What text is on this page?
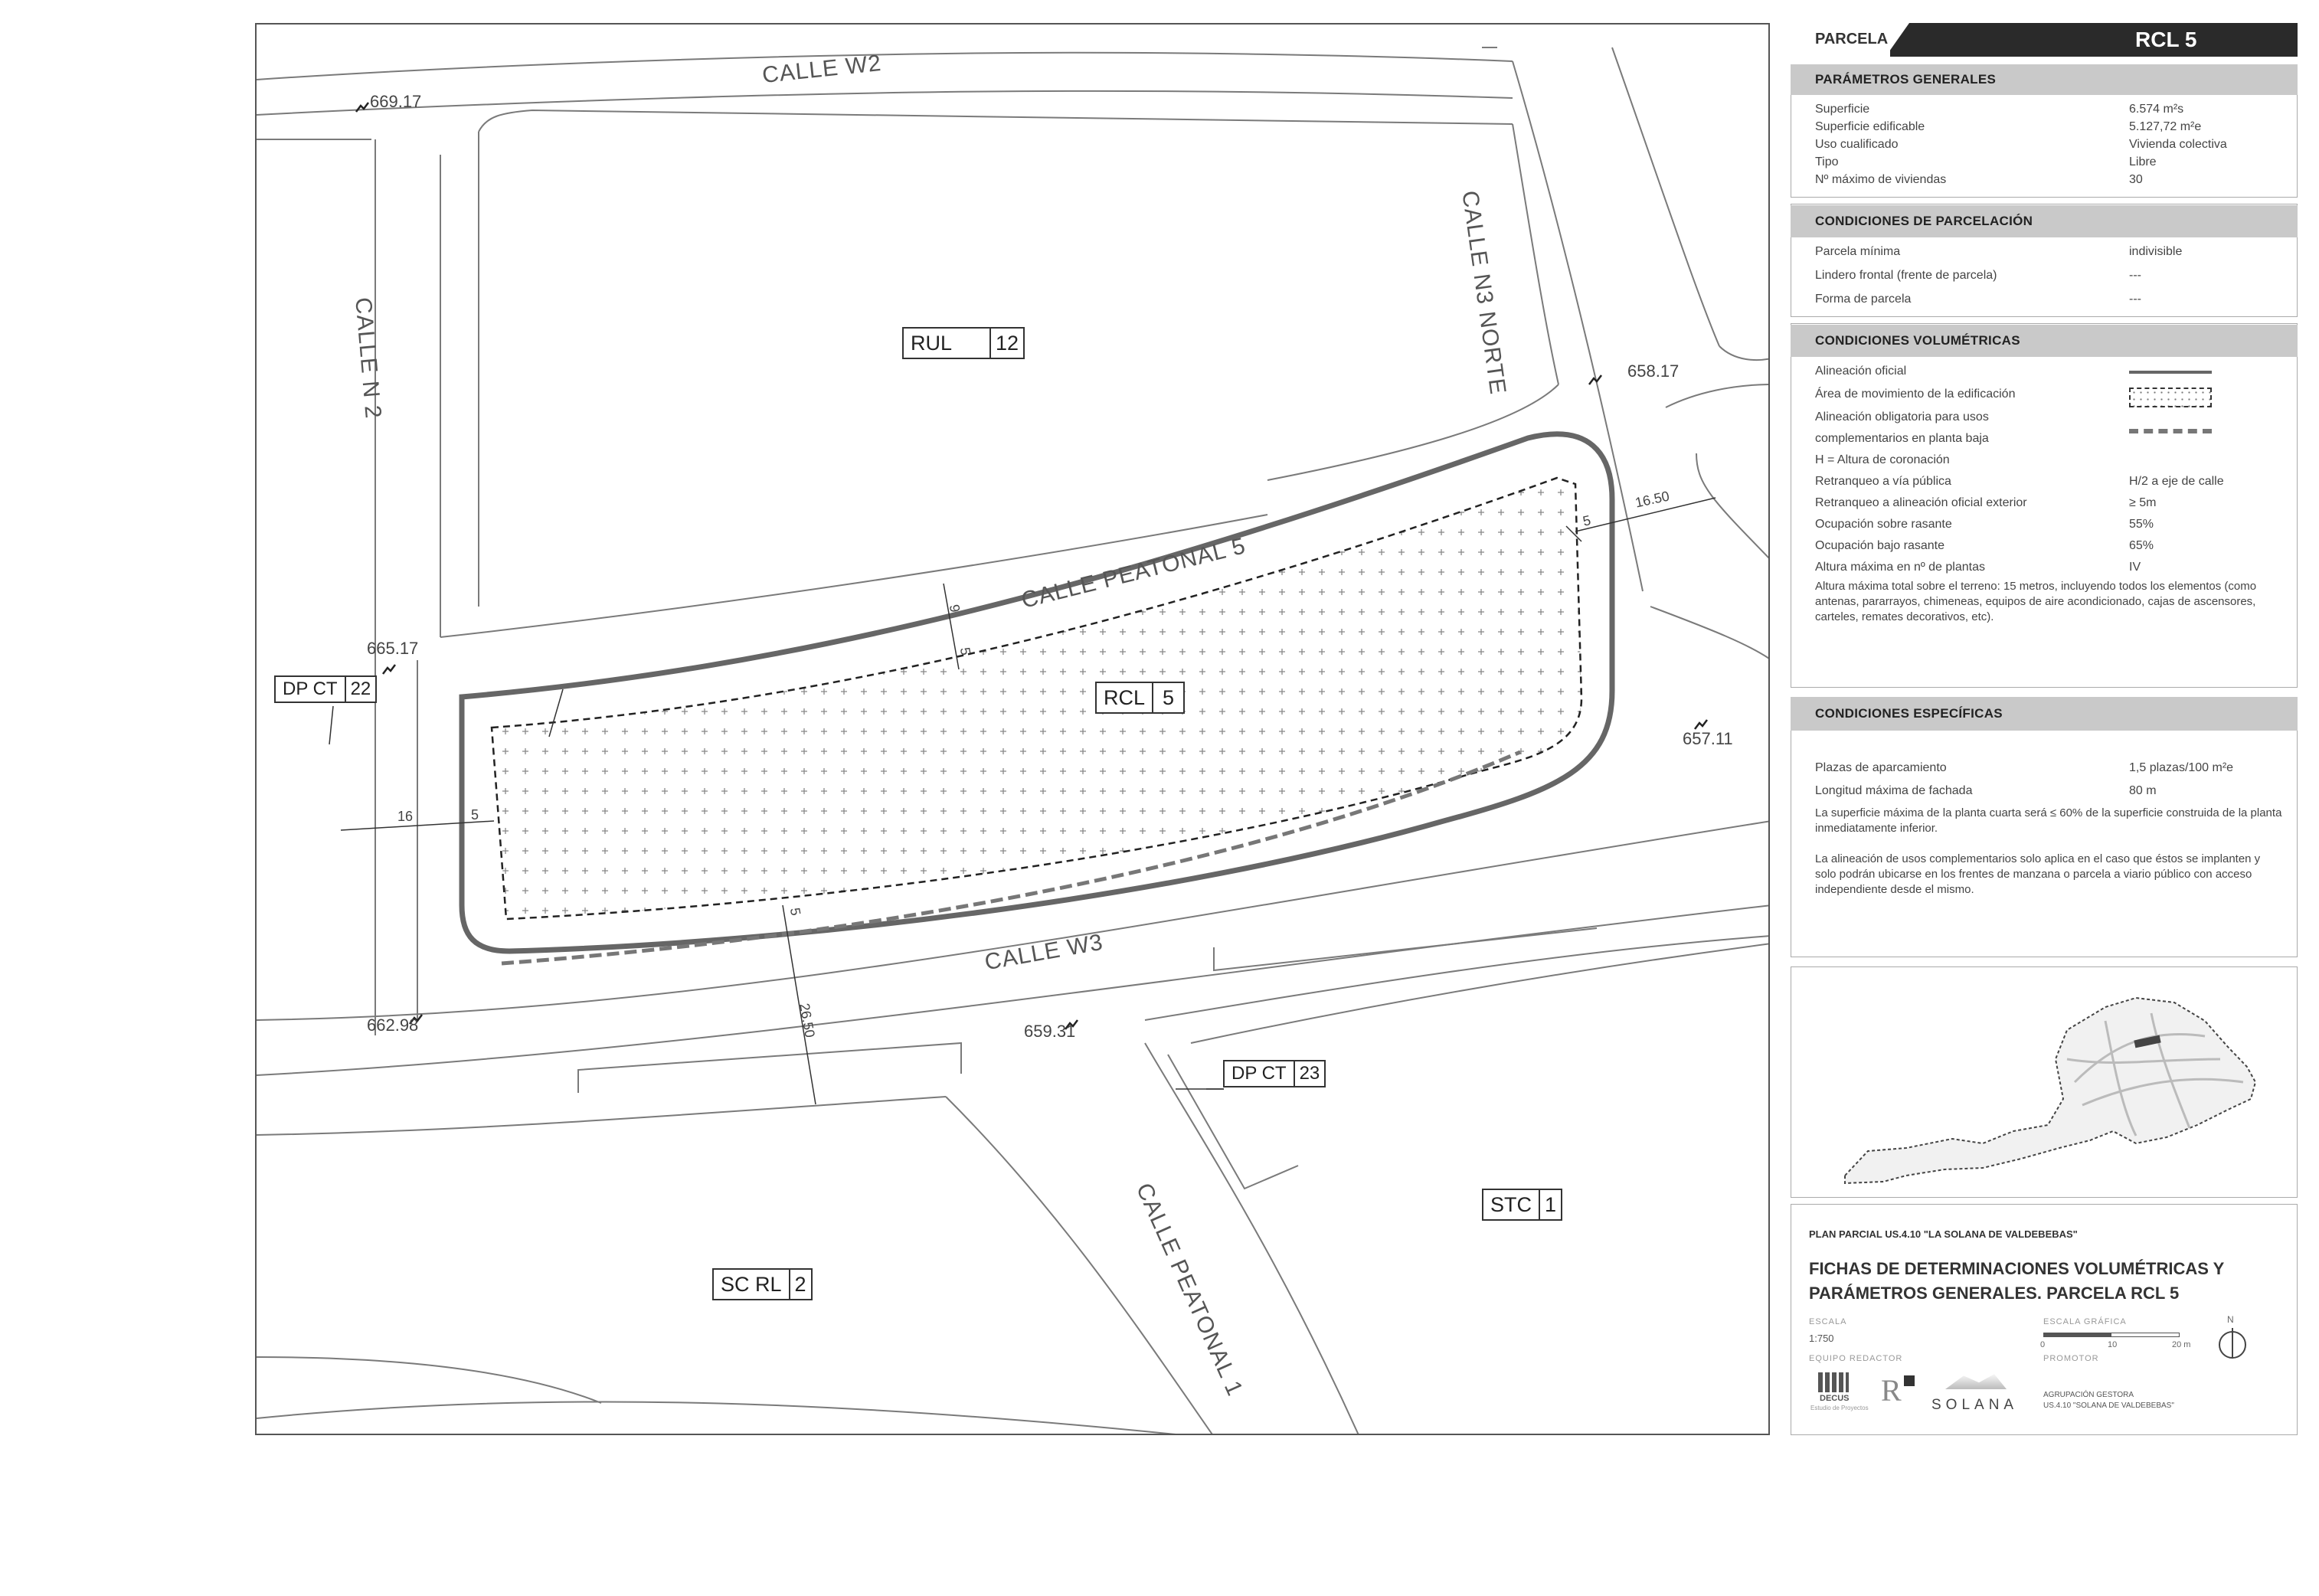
CALLE W2
CALLE N3 NORTE
CALLE N 2
CALLE PEATONAL 5
CALLE W3
CALLE PEATONAL 1
669.17
658.17
665.17
657.11
662.98	659.31
16.50
5
9
5
5
16
5
26.50
RUL	12
RCL 5
DP CT 22
DP CT 23
STC 1
SC RL 2
PARCELA	RCL 5
PARÁMETROS GENERALES
CONDICIONES DE PARCELACIÓN
CONDICIONES VOLUMÉTRICAS
Alineación oficial
Área de movimiento de la edificación
Alineación obligatoria para usos
complementarios en planta baja
H = Altura de coronación
Altura máxima total sobre el terreno: 15 metros, incluyendo todos los elementos (como antenas, pararrayos, chimeneas, equipos de aire acondicionado, cajas de ascensores, carteles, remates decorativos, etc).
CONDICIONES ESPECÍFICAS
La superficie máxima de la planta cuarta será ≤ 60% de la superficie construida de la planta inmediatamente inferior.
La alineación de usos complementarios solo aplica en el caso que éstos se implanten y solo podrán ubicarse en los frentes de manzana o parcela a viario público con acceso independiente desde el mismo.
PLAN PARCIAL US.4.10 "LA SOLANA DE VALDEBEBAS"
FICHAS DE DETERMINACIONES VOLUMÉTRICAS Y
PARÁMETROS GENERALES. PARCELA RCL 5
ESCALA
1:750
ESCALA GRÁFICA
0	10	20 m
N
EQUIPO REDACTOR	PROMOTOR
DECUS
Estudio de Proyectos
R SOLANA
AGRUPACIÓN GESTORA
US.4.10 "SOLANA DE VALDEBEBAS"
Superficie	6.574 m²s
Superficie edificable	5.127,72 m²e
Uso cualificado	Vivienda colectiva
Tipo	Libre
Nº máximo de viviendas	30
Parcela mínima	indivisible
Lindero frontal (frente de parcela)	---
Forma de parcela	---
Retranqueo a vía pública	H/2 a eje de calle
Retranqueo a alineación oficial exterior	≥ 5m
Ocupación sobre rasante	55%
Ocupación bajo rasante	65%
Altura máxima en nº de plantas	IV
Plazas de aparcamiento	1,5 plazas/100 m²e
Longitud máxima de fachada	80 m
